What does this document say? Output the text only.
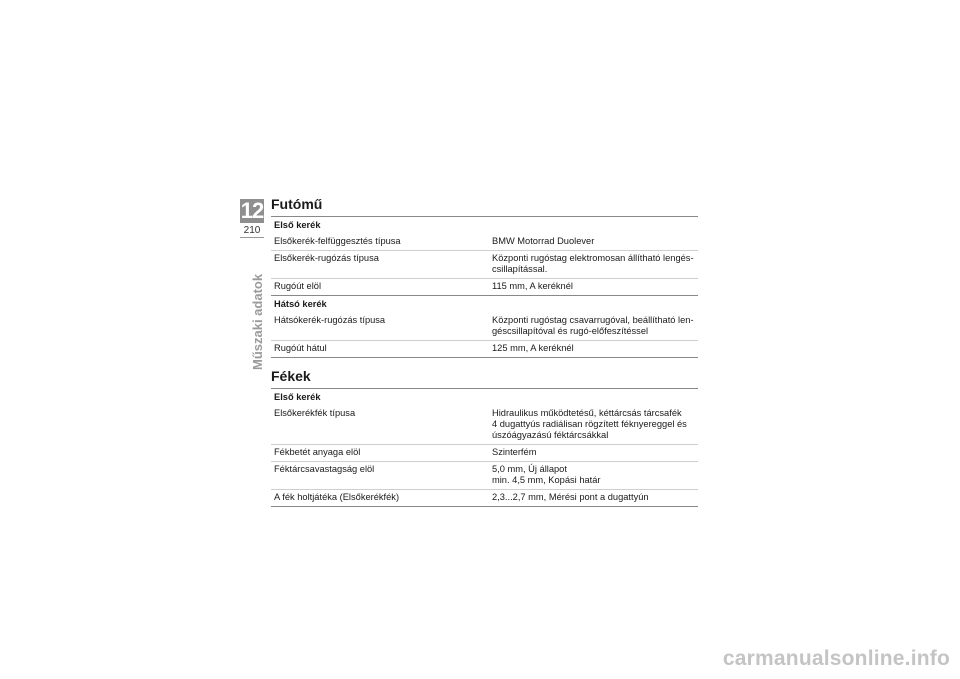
12
210
Műszaki adatok
Futómű
Első kerék	
Elsőkerék-felfüggesztés típusa	BMW Motorrad Duolever

Elsőkerék-rugózás típusa	Központi rugóstag elektromosan állítható lengés-
csillapítással.

Rugóút elöl	115 mm, A keréknél

Hátsó kerék	
Hátsókerék-rugózás típusa	Központi rugóstag csavarrugóval, beállítható len-
géscsillapítóval és rugó-előfeszítéssel

Rugóút hátul	125 mm, A keréknél
Fékek
Első kerék	
Elsőkerékfék típusa	Hidraulikus működtetésű, kéttárcsás tárcsafék
4 dugattyús radiálisan rögzített féknyereggel és
úszóágyazású féktárcsákkal

Fékbetét anyaga elöl	Szinterfém

Féktárcsavastagság elöl	5,0 mm, Új állapot
min. 4,5 mm, Kopási határ

A fék holtjátéka (Elsőkerékfék)	2,3...2,7 mm, Mérési pont a dugattyún
carmanualsonline.info
